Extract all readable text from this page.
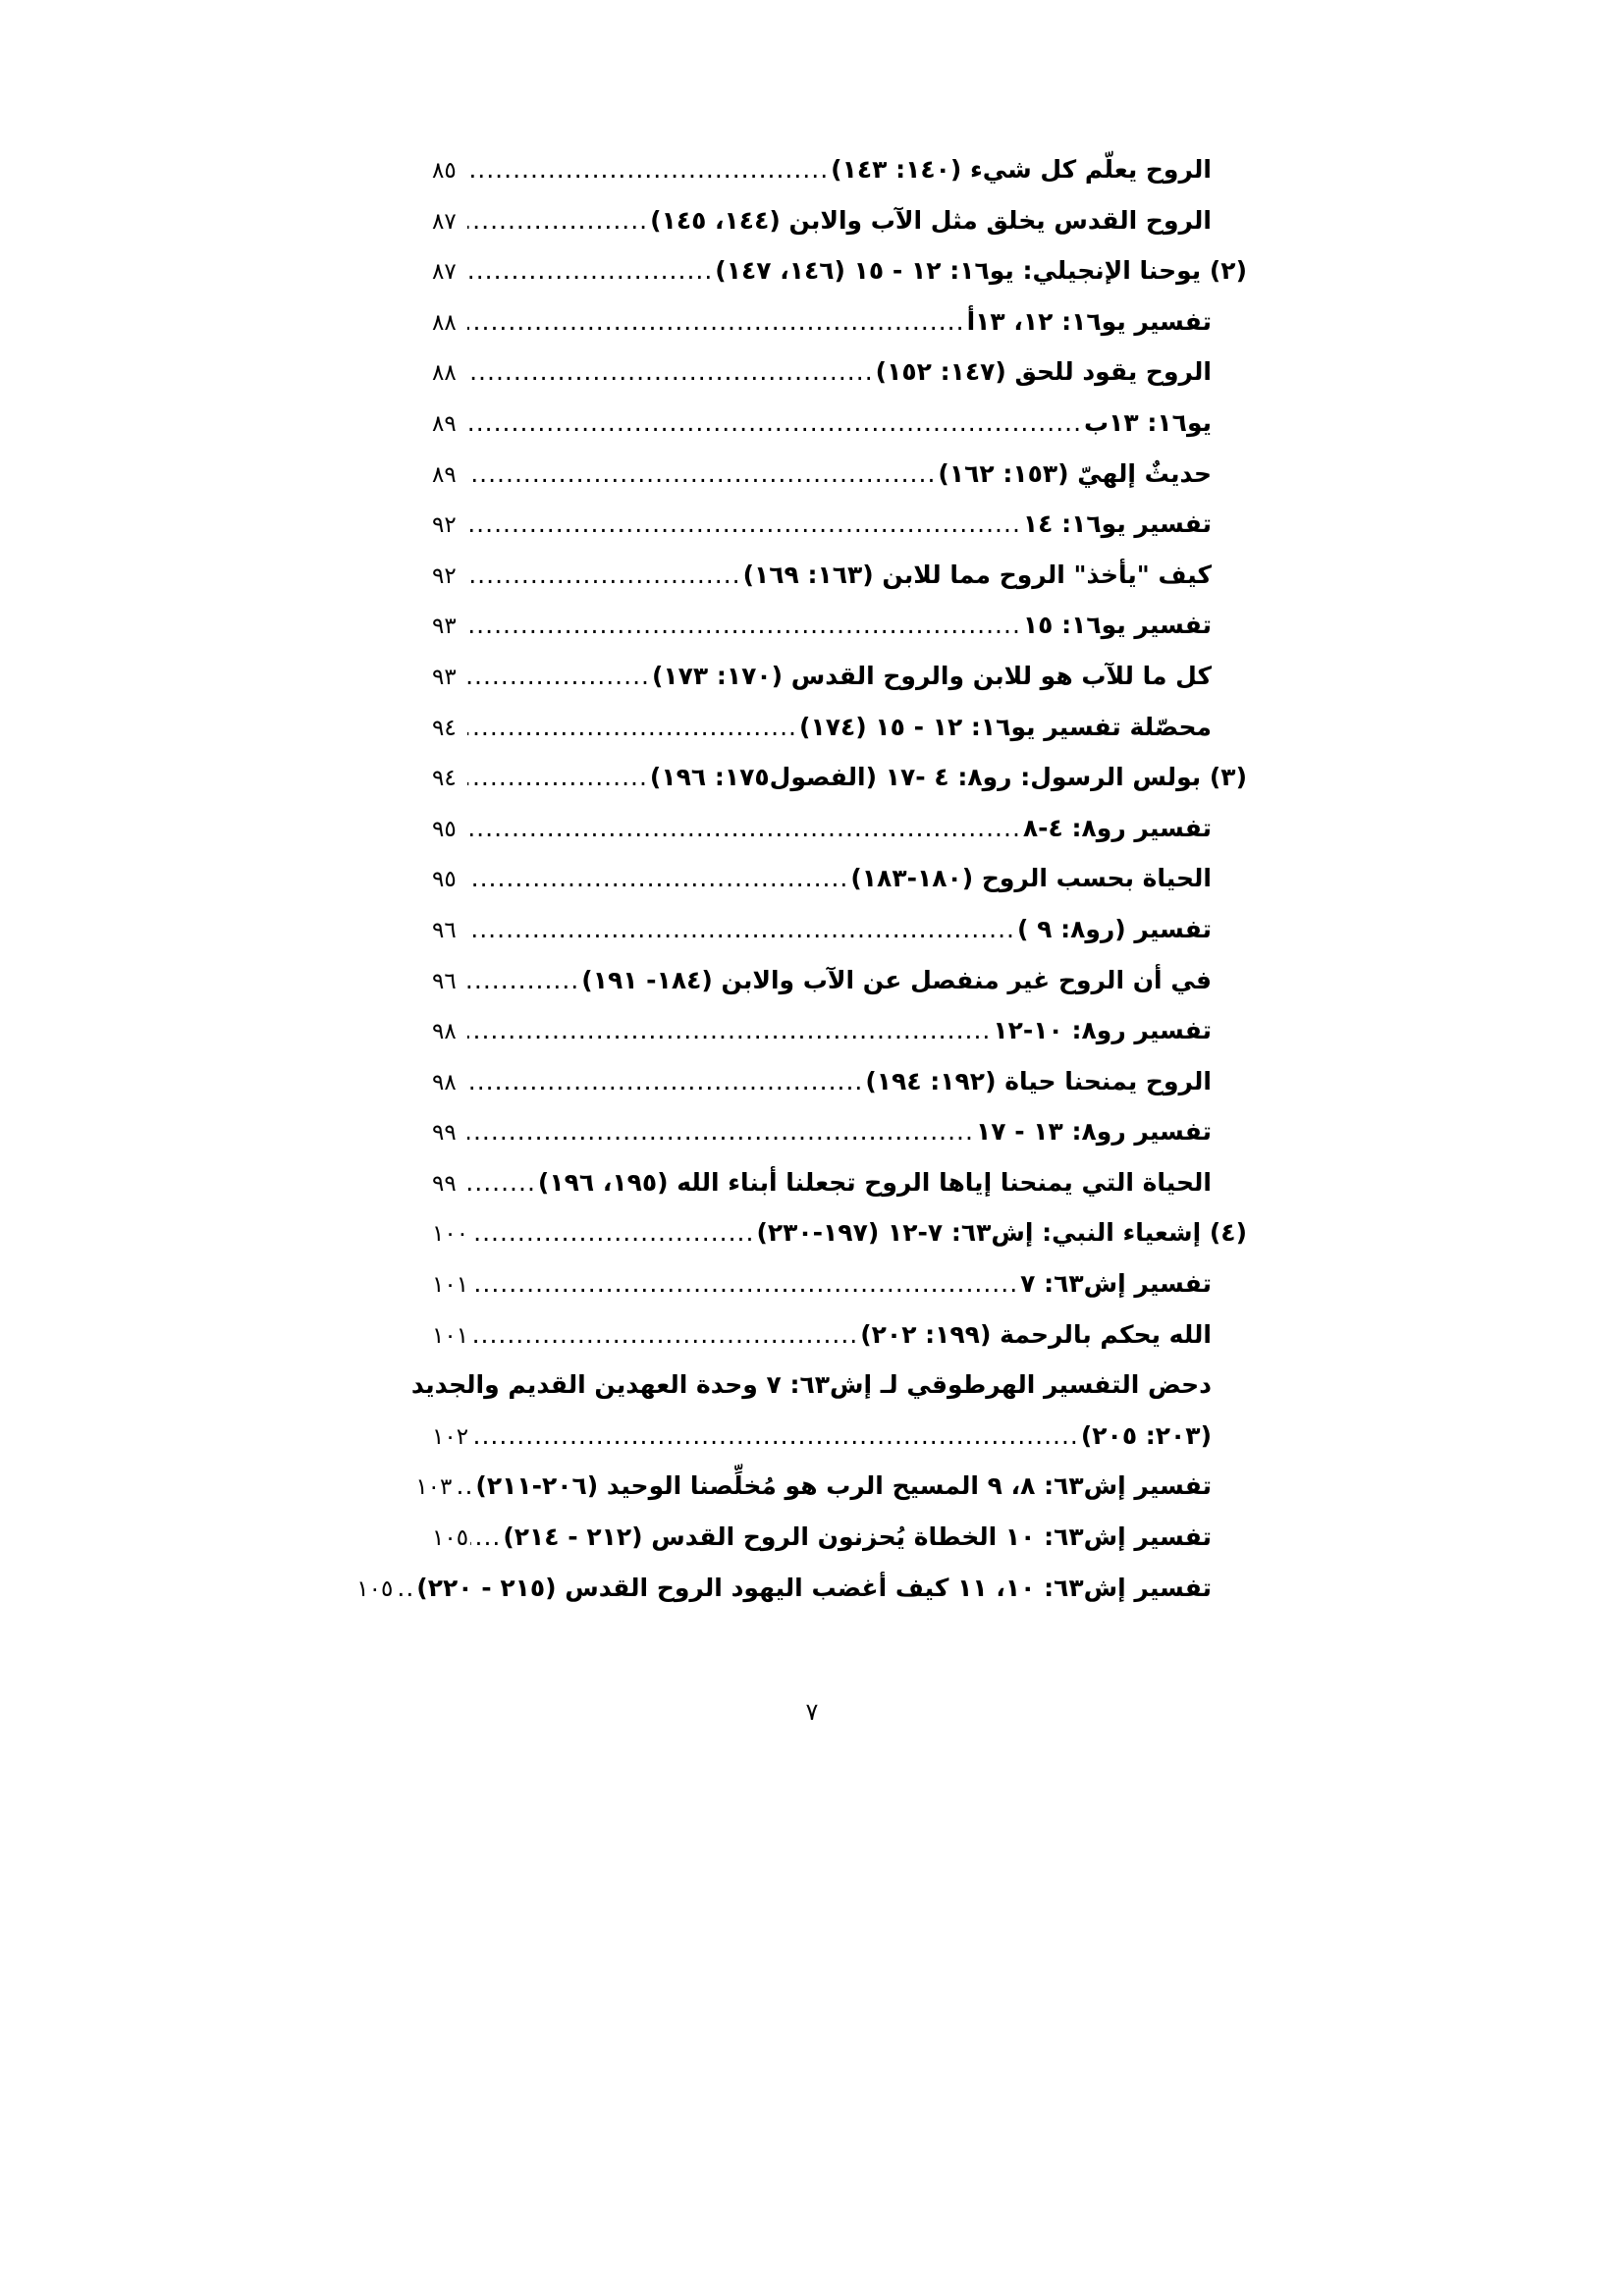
الروح يعلّم كل شيء (١٤٠: ١٤٣)
.....
٨٥
الروح القدس يخلق مثل الآب والابن (١٤٤، ١٤٥)
.....
٨٧
(٢) يوحنا الإنجيلي: يو١٦: ١٢ - ١٥ (١٤٦، ١٤٧)
.....
٨٧
تفسير يو١٦: ١٢، ١٣أ
.....
٨٨
الروح يقود للحق (١٤٧: ١٥٢)
.....
٨٨
يو١٦: ١٣ب
.....
٨٩
حديثٌ إلهيّ (١٥٣: ١٦٢)
.....
٨٩
تفسير يو١٦: ١٤
.....
٩٢
كيف "يأخذ" الروح مما للابن (١٦٣: ١٦٩)
.....
٩٢
تفسير يو١٦: ١٥
.....
٩٣
كل ما للآب هو للابن والروح القدس (١٧٠: ١٧٣)
.....
٩٣
محصّلة تفسير يو١٦: ١٢ - ١٥ (١٧٤)
.....
٩٤
(٣) بولس الرسول: رو٨: ٤ -١٧ (الفصول١٧٥: ١٩٦)
.....
٩٤
تفسير رو٨: ٤-٨
.....
٩٥
الحياة بحسب الروح (١٨٠-١٨٣)
.....
٩٥
تفسير (رو٨: ٩ )
.....
٩٦
في أن الروح غير منفصل عن الآب والابن (١٨٤- ١٩١)
.....
٩٦
تفسير رو٨: ١٠-١٢
.....
٩٨
الروح يمنحنا حياة (١٩٢: ١٩٤)
.....
٩٨
تفسير رو٨: ١٣ - ١٧
.....
٩٩
الحياة التي يمنحنا إياها الروح تجعلنا أبناء الله (١٩٥، ١٩٦)
.....
٩٩
(٤) إشعياء النبي: إش٦٣: ٧-١٢ (١٩٧-٢٣٠)
.....
١٠٠
تفسير إش٦٣: ٧
.....
١٠١
الله يحكم بالرحمة (١٩٩: ٢٠٢)
.....
١٠١
دحض التفسير الهرطوقي لـ إش٦٣: ٧ وحدة العهدين القديم والجديد
(٢٠٣: ٢٠٥)
.....
١٠٢
تفسير إش٦٣: ٨، ٩ المسيح الرب هو مُخلِّصنا الوحيد (٢٠٦-٢١١)
.....
١٠٣
تفسير إش٦٣: ١٠ الخطاة يُحزنون الروح القدس (٢١٢ - ٢١٤)
.....
١٠٥
تفسير إش٦٣: ١٠، ١١ كيف أغضب اليهود الروح القدس (٢١٥ - ٢٢٠)
.....
١٠٥
٧
